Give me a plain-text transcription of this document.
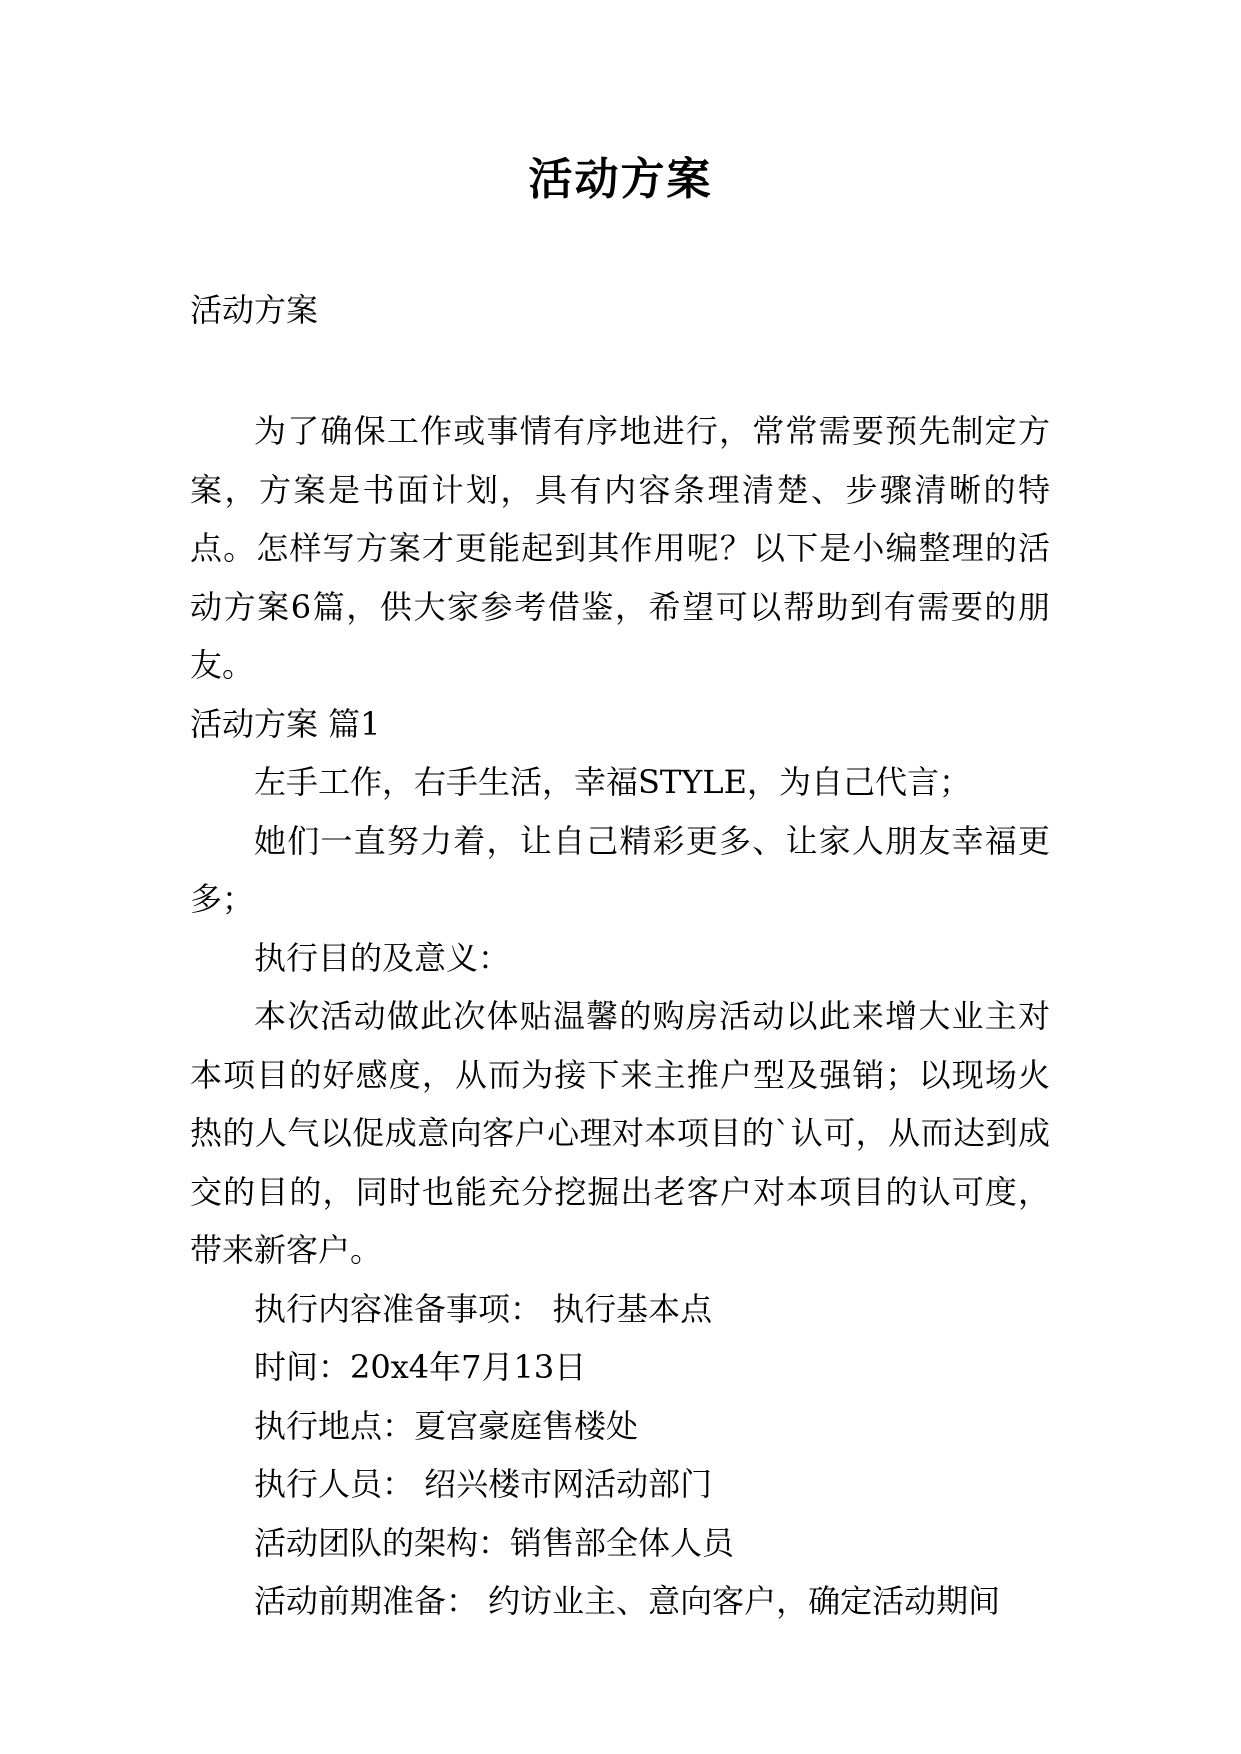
活动方案
活动方案

为了确保工作或事情有序地进行，常常需要预先制定方案，方案是书面计划，具有内容条理清楚、步骤清晰的特点。怎样写方案才更能起到其作用呢？以下是小编整理的活动方案6篇，供大家参考借鉴，希望可以帮助到有需要的朋友。

活动方案 篇1

左手工作，右手生活，幸福STYLE，为自己代言；

她们一直努力着，让自己精彩更多、让家人朋友幸福更多；

执行目的及意义：

本次活动做此次体贴温馨的购房活动以此来增大业主对本项目的好感度，从而为接下来主推户型及强销；以现场火热的人气以促成意向客户心理对本项目的`认可，从而达到成交的目的，同时也能充分挖掘出老客户对本项目的认可度，带来新客户。

执行内容准备事项： 执行基本点

时间：20x4年7月13日

执行地点：夏宫豪庭售楼处

执行人员： 绍兴楼市网活动部门

活动团队的架构：销售部全体人员

活动前期准备： 约访业主、意向客户，确定活动期间
